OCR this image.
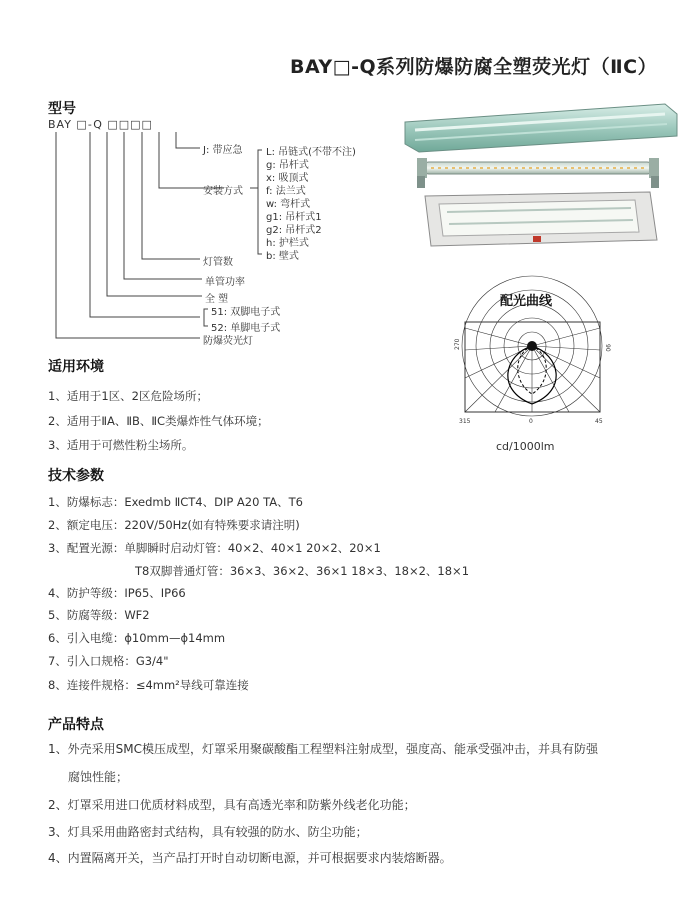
BAY□-Q系列防爆防腐全塑荧光灯（ⅡC）
型号
BAY □-Q □□□□
J: 带应急
安装方式
L: 吊链式(不带不注)
g: 吊杆式
x: 吸顶式
f: 法兰式
w: 弯杆式
g1: 吊杆式1
g2: 吊杆式2
h: 护栏式
b: 壁式
灯管数
单管功率
全 塑
51: 双脚电子式
52: 单脚电子式
防爆荧光灯
配光曲线
270	90
315	0	45
cd/1000lm
适用环境
1、适用于1区、2区危险场所；
2、适用于ⅡA、ⅡB、ⅡC类爆炸性气体环境；
3、适用于可燃性粉尘场所。
技术参数
1、防爆标志：Exedmb ⅡCT4、DIP A20 TA、T6
2、额定电压：220V/50Hz(如有特殊要求请注明)
3、配置光源：单脚瞬时启动灯管：40×2、40×1 20×2、20×1
T8双脚普通灯管：36×3、36×2、36×1 18×3、18×2、18×1
4、防护等级：IP65、IP66
5、防腐等级：WF2
6、引入电缆：ϕ10mm—ϕ14mm
7、引入口规格：G3/4"
8、连接件规格：≤4mm²导线可靠连接
产品特点
1、外壳采用SMC模压成型，灯罩采用聚碳酸酯工程塑料注射成型，强度高、能承受强冲击，并具有防强
腐蚀性能；
2、灯罩采用进口优质材料成型，具有高透光率和防紫外线老化功能；
3、灯具采用曲路密封式结构，具有较强的防水、防尘功能；
4、内置隔离开关，当产品打开时自动切断电源，并可根据要求内装熔断器。
